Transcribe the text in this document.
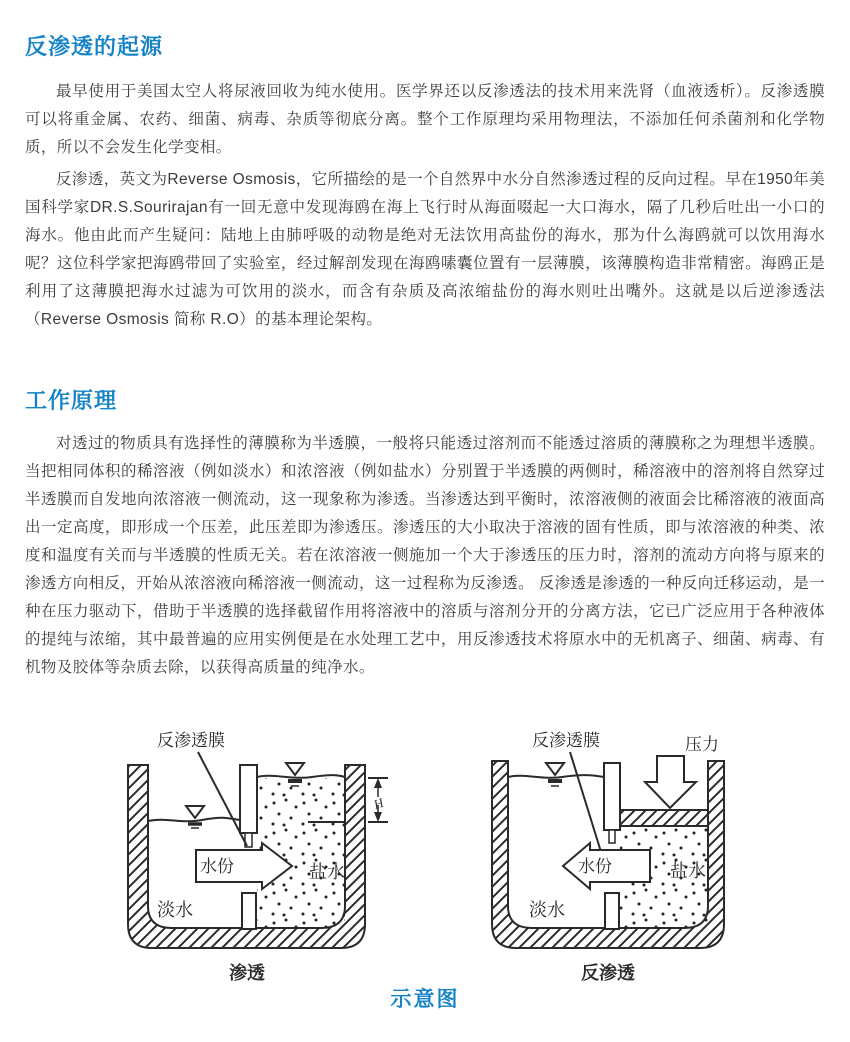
反渗透的起源

最早使用于美国太空人将尿液回收为纯水使用。医学界还以反渗透法的技术用来洗肾（血液透析）。反渗透膜可以将重金属、农药、细菌、病毒、杂质等彻底分离。整个工作原理均采用物理法，不添加任何杀菌剂和化学物质，所以不会发生化学变相。

反渗透，英文为Reverse Osmosis，它所描绘的是一个自然界中水分自然渗透过程的反向过程。早在1950年美国科学家DR.S.Sourirajan有一回无意中发现海鸥在海上飞行时从海面啜起一大口海水，隔了几秒后吐出一小口的海水。他由此而产生疑问：陆地上由肺呼吸的动物是绝对无法饮用高盐份的海水，那为什么海鸥就可以饮用海水呢？这位科学家把海鸥带回了实验室，经过解剖发现在海鸥嗉囊位置有一层薄膜，该薄膜构造非常精密。海鸥正是利用了这薄膜把海水过滤为可饮用的淡水，而含有杂质及高浓缩盐份的海水则吐出嘴外。这就是以后逆渗透法（Reverse Osmosis 简称 R.O）的基本理论架构。

工作原理

对透过的物质具有选择性的薄膜称为半透膜，一般将只能透过溶剂而不能透过溶质的薄膜称之为理想半透膜。当把相同体积的稀溶液（例如淡水）和浓溶液（例如盐水）分别置于半透膜的两侧时，稀溶液中的溶剂将自然穿过半透膜而自发地向浓溶液一侧流动，这一现象称为渗透。当渗透达到平衡时，浓溶液侧的液面会比稀溶液的液面高出一定高度，即形成一个压差，此压差即为渗透压。渗透压的大小取决于溶液的固有性质，即与浓溶液的种类、浓度和温度有关而与半透膜的性质无关。若在浓溶液一侧施加一个大于渗透压的压力时，溶剂的流动方向将与原来的渗透方向相反，开始从浓溶液向稀溶液一侧流动，这一过程称为反渗透。 反渗透是渗透的一种反向迁移运动，是一种在压力驱动下，借助于半透膜的选择截留作用将溶液中的溶质与溶剂分开的分离方法，它已广泛应用于各种液体的提纯与浓缩，其中最普遍的应用实例便是在水处理工艺中，用反渗透技术将原水中的无机离子、细菌、病毒、有机物及胶体等杂质去除，以获得高质量的纯净水。

反渗透膜
水份
淡水
盐水
H
渗透
压力
反渗透膜
水份
淡水
盐水
反渗透
示意图
